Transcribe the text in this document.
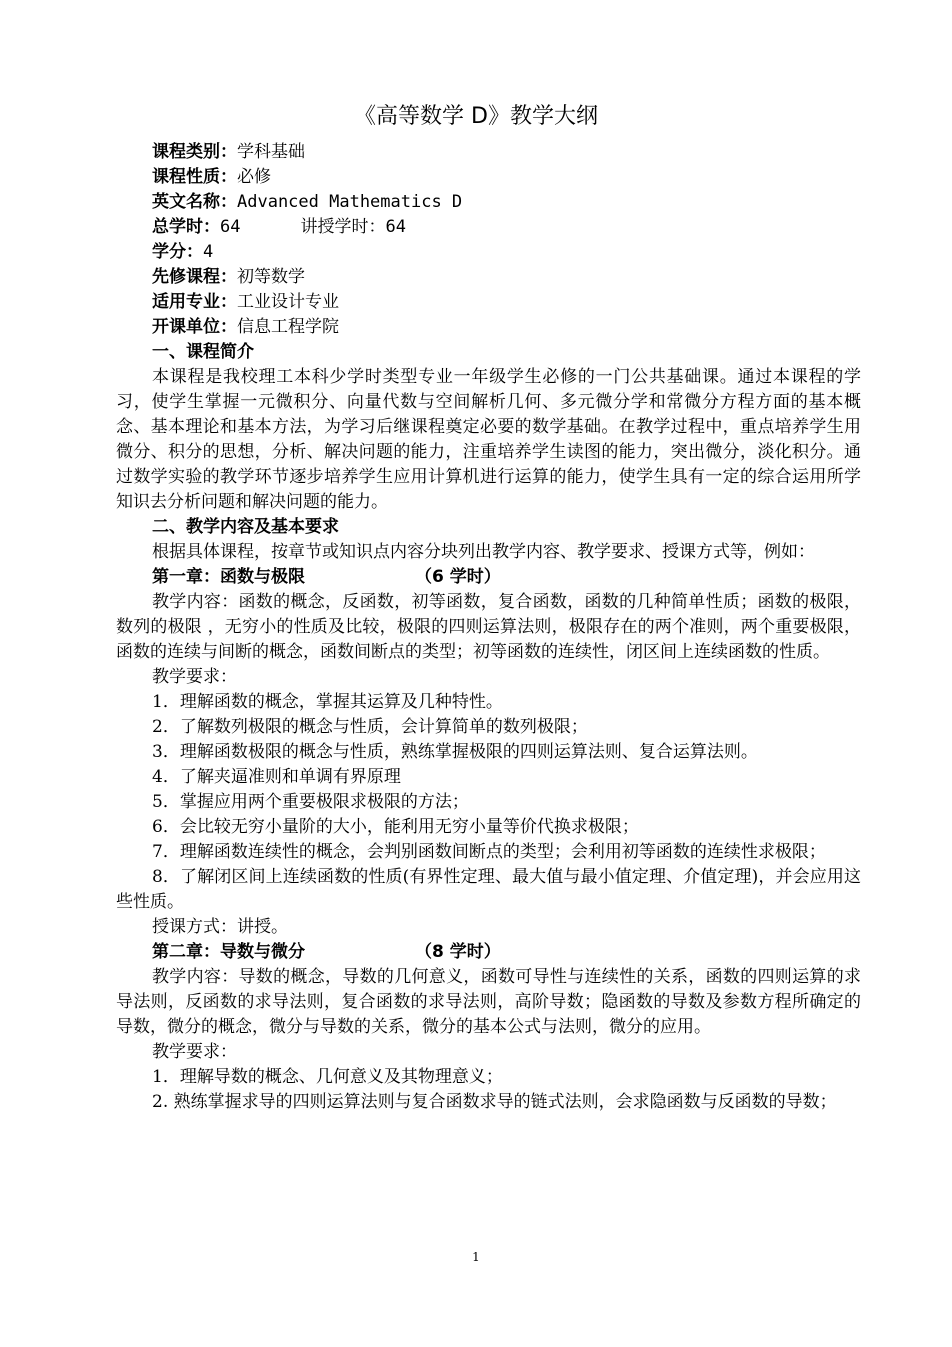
《高等数学 D》教学大纲
课程类别：学科基础
课程性质：必修
英文名称：Advanced Mathematics D
总学时：64	讲授学时：64
学分：4
先修课程：初等数学
适用专业：工业设计专业
开课单位：信息工程学院

一、课程简介

本课程是我校理工本科少学时类型专业一年级学生必修的一门公共基础课。通过本课程的学习，使学生掌握一元微积分、向量代数与空间解析几何、多元微分学和常微分方程方面的基本概念、基本理论和基本方法，为学习后继课程奠定必要的数学基础。在教学过程中，重点培养学生用微分、积分的思想，分析、解决问题的能力，注重培养学生读图的能力，突出微分，淡化积分。通过数学实验的教学环节逐步培养学生应用计算机进行运算的能力，使学生具有一定的综合运用所学知识去分析问题和解决问题的能力。

二、教学内容及基本要求

根据具体课程，按章节或知识点内容分块列出教学内容、教学要求、授课方式等，例如：

第一章：函数与极限	（6 学时）

教学内容：函数的概念，反函数，初等函数，复合函数，函数的几种简单性质；函数的极限，数列的极限 ，无穷小的性质及比较，极限的四则运算法则，极限存在的两个准则，两个重要极限，函数的连续与间断的概念，函数间断点的类型；初等函数的连续性，闭区间上连续函数的性质。

教学要求：

1．理解函数的概念，掌握其运算及几种特性。

2．了解数列极限的概念与性质，会计算简单的数列极限；

3．理解函数极限的概念与性质，熟练掌握极限的四则运算法则、复合运算法则。

4．了解夹逼准则和单调有界原理

5．掌握应用两个重要极限求极限的方法；

6．会比较无穷小量阶的大小，能利用无穷小量等价代换求极限；

7．理解函数连续性的概念，会判别函数间断点的类型；会利用初等函数的连续性求极限；

8．了解闭区间上连续函数的性质(有界性定理、最大值与最小值定理、介值定理)，并会应用这些性质。

授课方式：讲授。

第二章：导数与微分	（8 学时）

教学内容：导数的概念，导数的几何意义，函数可导性与连续性的关系，函数的四则运算的求导法则，反函数的求导法则，复合函数的求导法则，高阶导数；隐函数的导数及参数方程所确定的导数，微分的概念，微分与导数的关系，微分的基本公式与法则，微分的应用。

教学要求：

1．理解导数的概念、几何意义及其物理意义；

2. 熟练掌握求导的四则运算法则与复合函数求导的链式法则，会求隐函数与反函数的导数；

1
